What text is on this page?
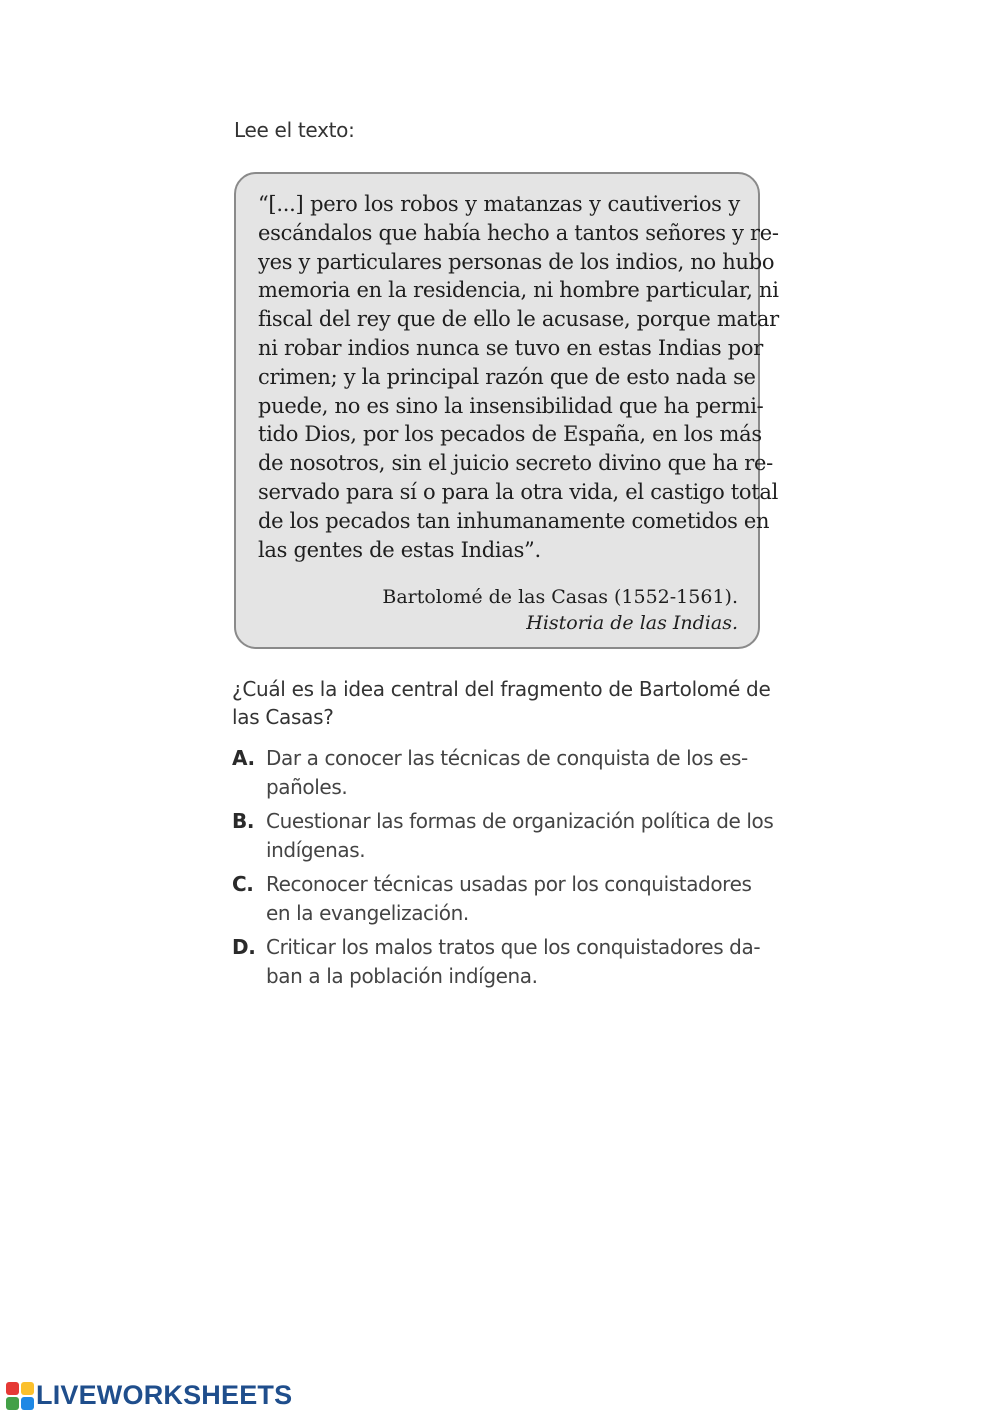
Lee el texto:
“[...] pero los robos y matanzas y cautiverios y
escándalos que había hecho a tantos señores y re-
yes y particulares personas de los indios, no hubo
memoria en la residencia, ni hombre particular, ni
fiscal del rey que de ello le acusase, porque matar
ni robar indios nunca se tuvo en estas Indias por
crimen; y la principal razón que de esto nada se
puede, no es sino la insensibilidad que ha permi-
tido Dios, por los pecados de España, en los más
de nosotros, sin el juicio secreto divino que ha re-
servado para sí o para la otra vida, el castigo total
de los pecados tan inhumanamente cometidos en
las gentes de estas Indias”.
Bartolomé de las Casas (1552-1561).
Historia de las Indias.
¿Cuál es la idea central del fragmento de Bartolomé de las Casas?
A. Dar a conocer las técnicas de conquista de los es-
pañoles.
B. Cuestionar las formas de organización política de los
indígenas.
C. Reconocer técnicas usadas por los conquistadores
en la evangelización.
D. Criticar los malos tratos que los conquistadores da-
ban a la población indígena.
LIVEWORKSHEETS
